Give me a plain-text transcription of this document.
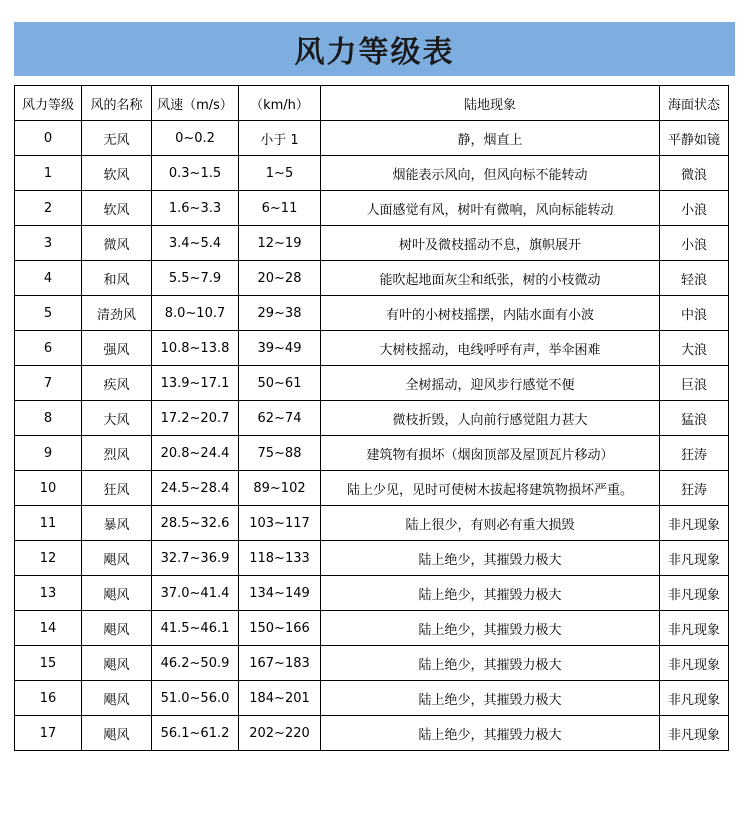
风力等级表
风力等级	风的名称	风速（m/s）	（km/h）	陆地现象	海面状态
0	无风	0~0.2	小于 1	静，烟直上	平静如镜
1	软风	0.3~1.5	1~5	烟能表示风向，但风向标不能转动	微浪
2	软风	1.6~3.3	6~11	人面感觉有风，树叶有微响，风向标能转动	小浪
3	微风	3.4~5.4	12~19	树叶及微枝摇动不息，旗帜展开	小浪
4	和风	5.5~7.9	20~28	能吹起地面灰尘和纸张，树的小枝微动	轻浪
5	清劲风	8.0~10.7	29~38	有叶的小树枝摇摆，内陆水面有小波	中浪
6	强风	10.8~13.8	39~49	大树枝摇动，电线呼呼有声，举伞困难	大浪
7	疾风	13.9~17.1	50~61	全树摇动，迎风步行感觉不便	巨浪
8	大风	17.2~20.7	62~74	微枝折毁，人向前行感觉阻力甚大	猛浪
9	烈风	20.8~24.4	75~88	建筑物有损坏（烟囱顶部及屋顶瓦片移动）	狂涛
10	狂风	24.5~28.4	89~102	陆上少见，见时可使树木拔起将建筑物损坏严重。	狂涛
11	暴风	28.5~32.6	103~117	陆上很少，有则必有重大损毁	非凡现象
12	飓风	32.7~36.9	118~133	陆上绝少，其摧毁力极大	非凡现象
13	飓风	37.0~41.4	134~149	陆上绝少，其摧毁力极大	非凡现象
14	飓风	41.5~46.1	150~166	陆上绝少，其摧毁力极大	非凡现象
15	飓风	46.2~50.9	167~183	陆上绝少，其摧毁力极大	非凡现象
16	飓风	51.0~56.0	184~201	陆上绝少，其摧毁力极大	非凡现象
17	飓风	56.1~61.2	202~220	陆上绝少，其摧毁力极大	非凡现象
